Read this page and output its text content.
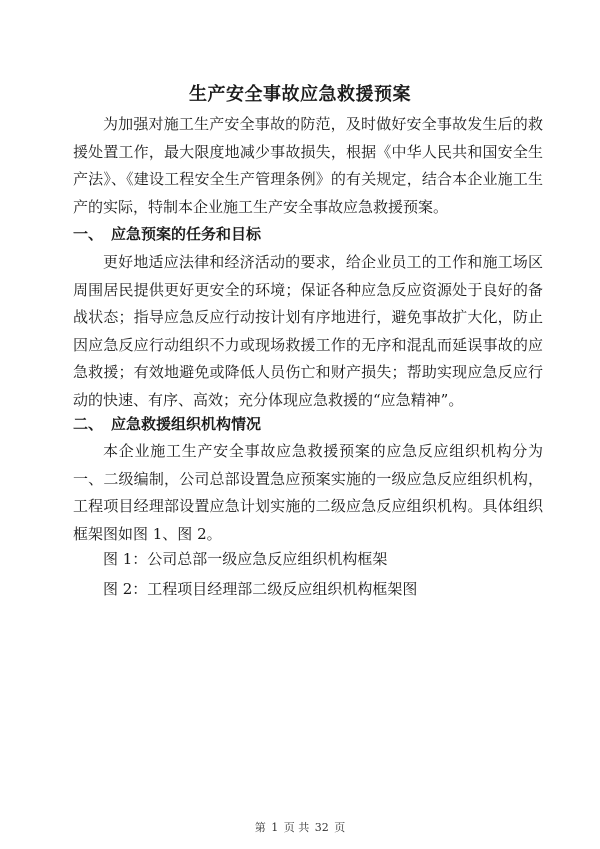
生产安全事故应急救援预案
为加强对施工生产安全事故的防范，及时做好安全事故发生后的救援处置工作，最大限度地减少事故损失，根据《中华人民共和国安全生产法》、《建设工程安全生产管理条例》的有关规定，结合本企业施工生产的实际，特制本企业施工生产安全事故应急救援预案。
一、 应急预案的任务和目标
更好地适应法律和经济活动的要求，给企业员工的工作和施工场区周围居民提供更好更安全的环境；保证各种应急反应资源处于良好的备战状态；指导应急反应行动按计划有序地进行，避免事故扩大化，防止因应急反应行动组织不力或现场救援工作的无序和混乱而延误事故的应急救援；有效地避免或降低人员伤亡和财产损失；帮助实现应急反应行动的快速、有序、高效；充分体现应急救援的“应急精神”。
二、 应急救援组织机构情况
本企业施工生产安全事故应急救援预案的应急反应组织机构分为一、二级编制，公司总部设置急应预案实施的一级应急反应组织机构，工程项目经理部设置应急计划实施的二级应急反应组织机构。具体组织框架图如图 1、图 2。
图 1：公司总部一级应急反应组织机构框架
图 2：工程项目经理部二级反应组织机构框架图
第 1 页 共 32 页
